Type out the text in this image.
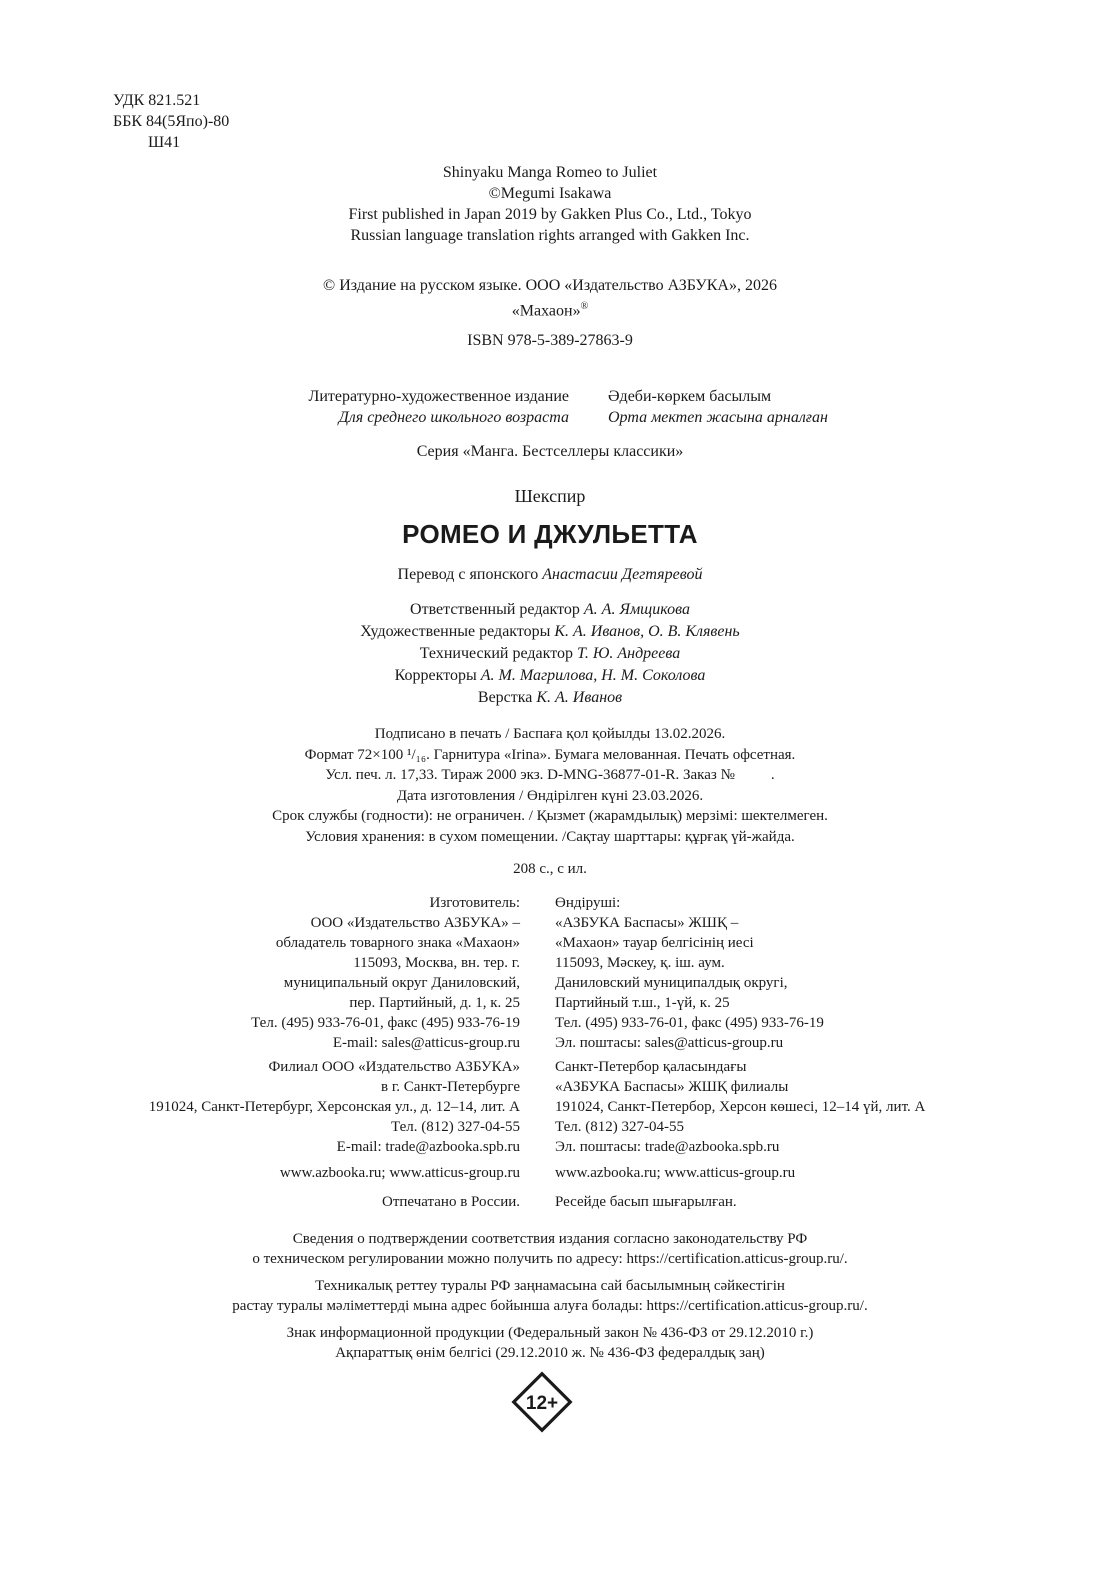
УДК 821.521
ББК 84(5Япо)-80
Ш41
Shinyaku Manga Romeo to Juliet
©Megumi Isakawa
First published in Japan 2019 by Gakken Plus Co., Ltd., Tokyo
Russian language translation rights arranged with Gakken Inc.
© Издание на русском языке. ООО «Издательство АЗБУКА», 2026
«Махаон»®
ISBN 978-5-389-27863-9
Литературно-художественное издание
Для среднего школьного возраста
Әдеби-көркем басылым
Орта мектеп жасына арналған
Серия «Манга. Бестселлеры классики»
Шекспир
РОМЕО И ДЖУЛЬЕТТА
Перевод с японского Анастасии Дегтяревой
Ответственный редактор А. А. Ямщикова
Художественные редакторы К. А. Иванов, О. В. Клявень
Технический редактор Т. Ю. Андреева
Корректоры А. М. Магрилова, Н. М. Соколова
Верстка К. А. Иванов
Подписано в печать / Баспаға қол қойылды 13.02.2026.
Формат 72×100 ¹/₁₆. Гарнитура «Irina». Бумага мелованная. Печать офсетная.
Усл. печ. л. 17,33. Тираж 2000 экз. D-MNG-36877-01-R. Заказ № .
Дата изготовления / Өндірілген күні 23.03.2026.
Срок службы (годности): не ограничен. / Қызмет (жарамдылық) мерзімі: шектелмеген.
Условия хранения: в сухом помещении. /Сақтау шарттары: құрғақ үй-жайда.
208 с., с ил.
Изготовитель:
ООО «Издательство АЗБУКА» –
обладатель товарного знака «Махаон»
115093, Москва, вн. тер. г.
муниципальный округ Даниловский,
пер. Партийный, д. 1, к. 25
Тел. (495) 933-76-01, факс (495) 933-76-19
E-mail: sales@atticus-group.ru
Өндіруші:
«АЗБУКА Баспасы» ЖШҚ –
«Махаон» тауар белгісінің иесі
115093, Мәскеу, қ. іш. аум.
Даниловский муниципалдық округі,
Партийный т.ш., 1-үй, к. 25
Тел. (495) 933-76-01, факс (495) 933-76-19
Эл. поштасы: sales@atticus-group.ru
Филиал ООО «Издательство АЗБУКА»
в г. Санкт-Петербурге
191024, Санкт-Петербург, Херсонская ул., д. 12–14, лит. А
Тел. (812) 327-04-55
E-mail: trade@azbooka.spb.ru
Санкт-Петербор қаласындағы
«АЗБУКА Баспасы» ЖШҚ филиалы
191024, Санкт-Петербор, Херсон көшесі, 12–14 үй, лит. А
Тел. (812) 327-04-55
Эл. поштасы: trade@azbooka.spb.ru
www.azbooka.ru; www.atticus-group.ru www.azbooka.ru; www.atticus-group.ru
Отпечатано в России. Ресейде басып шығарылған.
Сведения о подтверждении соответствия издания согласно законодательству РФ
о техническом регулировании можно получить по адресу: https://certification.atticus-group.ru/.
Техникалық реттеу туралы РФ заңнамасына сай басылымның сәйкестігін
растау туралы мәліметтерді мына адрес бойынша алуға болады: https://certification.atticus-group.ru/.
Знак информационной продукции (Федеральный закон № 436-ФЗ от 29.12.2010 г.)
Ақпараттық өнім белгісі (29.12.2010 ж. № 436-ФЗ федералдық заң)
12+
